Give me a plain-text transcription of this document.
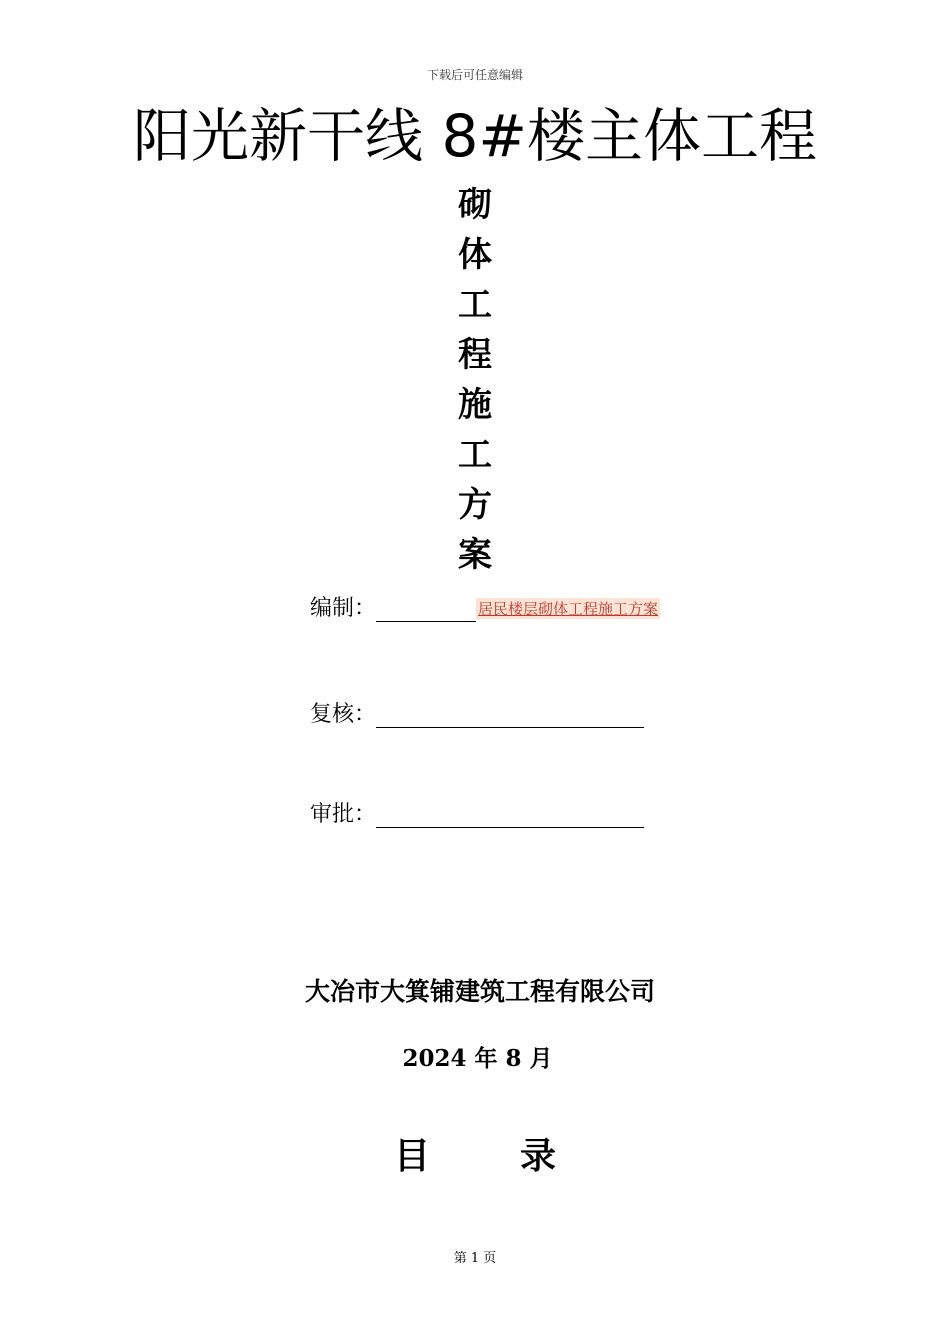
下载后可任意编辑
阳光新干线 8#楼主体工程
砌
体
工
程
施
工
方
案
编制：	居民楼层砌体工程施工方案
复核：
审批：
大冶市大箕铺建筑工程有限公司
2024 年 8 月
目	录
第 1 页
